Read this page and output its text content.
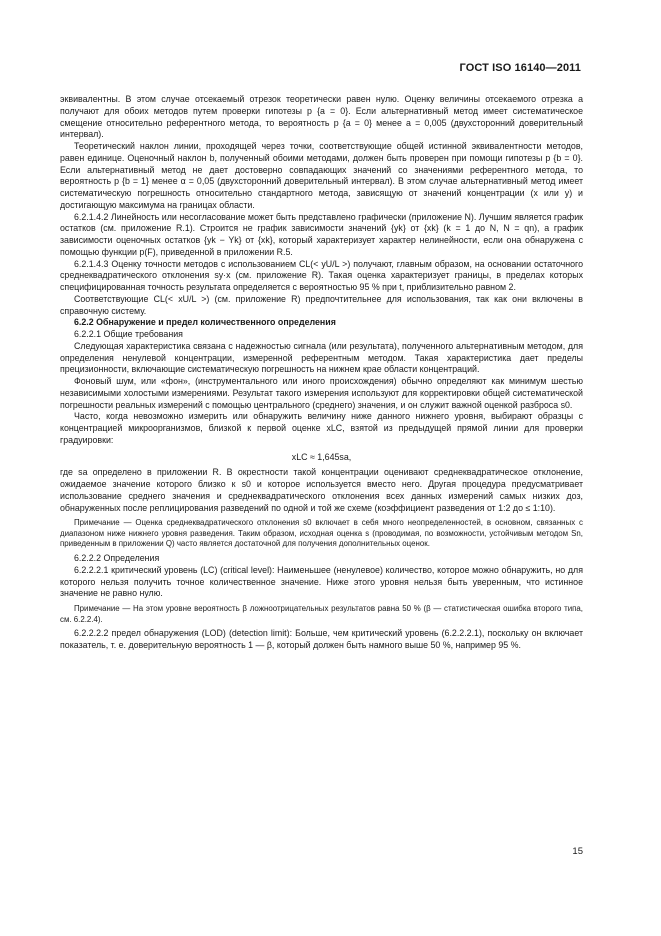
ГОСТ ISO 16140—2011

эквивалентны. В этом случае отсекаемый отрезок теоретически равен нулю. Оценку величины отсекаемого отрезка a получают для обоих методов путем проверки гипотезы p {a = 0}. Если альтернативный метод имеет систематическое смещение относительно референтного метода, то вероятность p {a = 0} менее a = 0,005 (двухсторонний доверительный интервал).

Теоретический наклон линии, проходящей через точки, соответствующие общей истинной эквивалентности методов, равен единице. Оценочный наклон b, полученный обоими методами, должен быть проверен при помощи гипотезы p {b = 0}. Если альтернативный метод не дает достоверно совпадающих значений со значениями референтного метода, то вероятность p {b = 1} менее α = 0,05 (двухсторонний доверительный интервал). В этом случае альтернативный метод имеет систематическую погрешность относительно стандартного метода, зависящую от значений концентрации (x или y) и достигающую максимума на границах области.

6.2.1.4.2 Линейность или несогласование может быть представлено графически (приложение N). Лучшим является график остатков (см. приложение R.1). Строится не график зависимости значений {yk} от {xk} (k = 1 до N, N = qn), а график зависимости оценочных остатков {yk − Yk} от {xk}, который характеризует характер нелинейности, если она обнаружена с помощью функции p(F), приведенной в приложении R.5.

6.2.1.4.3 Оценку точности методов с использованием CL(< yU/L >) получают, главным образом, на основании остаточного среднеквадратического отклонения sy·x (см. приложение R). Такая оценка характеризует границы, в пределах которых специфицированная точность результата определяется с вероятностью 95 % при t, приблизительно равном 2.

Соответствующие CL(< xU/L >) (см. приложение R) предпочтительнее для использования, так как они включены в справочную систему.

6.2.2 Обнаружение и предел количественного определения

6.2.2.1 Общие требования

Следующая характеристика связана с надежностью сигнала (или результата), полученного альтернативным методом, для определения ненулевой концентрации, измеренной референтным методом. Такая характеристика дает пределы прецизионности, включающие систематическую погрешность на нижнем крае области концентраций.

Фоновый шум, или «фон», (инструментального или иного происхождения) обычно определяют как минимум шестью независимыми холостыми измерениями. Результат такого измерения используют для корректировки общей систематической погрешности реальных измерений с помощью центрального (среднего) значения, и он служит важной оценкой разброса s0.

Часто, когда невозможно измерить или обнаружить величину ниже данного нижнего уровня, выбирают образцы с концентрацией микроорганизмов, близкой к первой оценке xLC, взятой из предыдущей прямой линии для проверки градуировки:

xLC ≈ 1,645sa,

где sa определено в приложении R. В окрестности такой концентрации оценивают среднеквадратическое отклонение, ожидаемое значение которого близко к s0 и которое используется вместо него. Другая процедура предусматривает использование среднего значения и среднеквадратического отклонения всех данных измерений самых низких доз, обнаруженных после реплицирования разведений по одной и той же схеме (коэффициент разведения от 1:2 до ≤ 1:10).

Примечание — Оценка среднеквадратического отклонения s0 включает в себя много неопределенностей, в основном, связанных с диапазоном ниже нижнего уровня разведения. Таким образом, исходная оценка s (проводимая, по возможности, устойчивым методом Sn, приведенным в приложении Q) часто является достаточной для получения дополнительных оценок.

6.2.2.2 Определения

6.2.2.2.1 критический уровень (LC) (critical level): Наименьшее (ненулевое) количество, которое можно обнаружить, но для которого нельзя получить точное количественное значение. Ниже этого уровня нельзя быть уверенным, что истинное значение не равно нулю.

Примечание — На этом уровне вероятность β ложноотрицательных результатов равна 50 % (β — статистическая ошибка второго типа, см. 6.2.2.4).

6.2.2.2.2 предел обнаружения (LOD) (detection limit): Больше, чем критический уровень (6.2.2.2.1), поскольку он включает показатель, т. е. доверительную вероятность 1 — β, который должен быть намного выше 50 %, например 95 %.

15
